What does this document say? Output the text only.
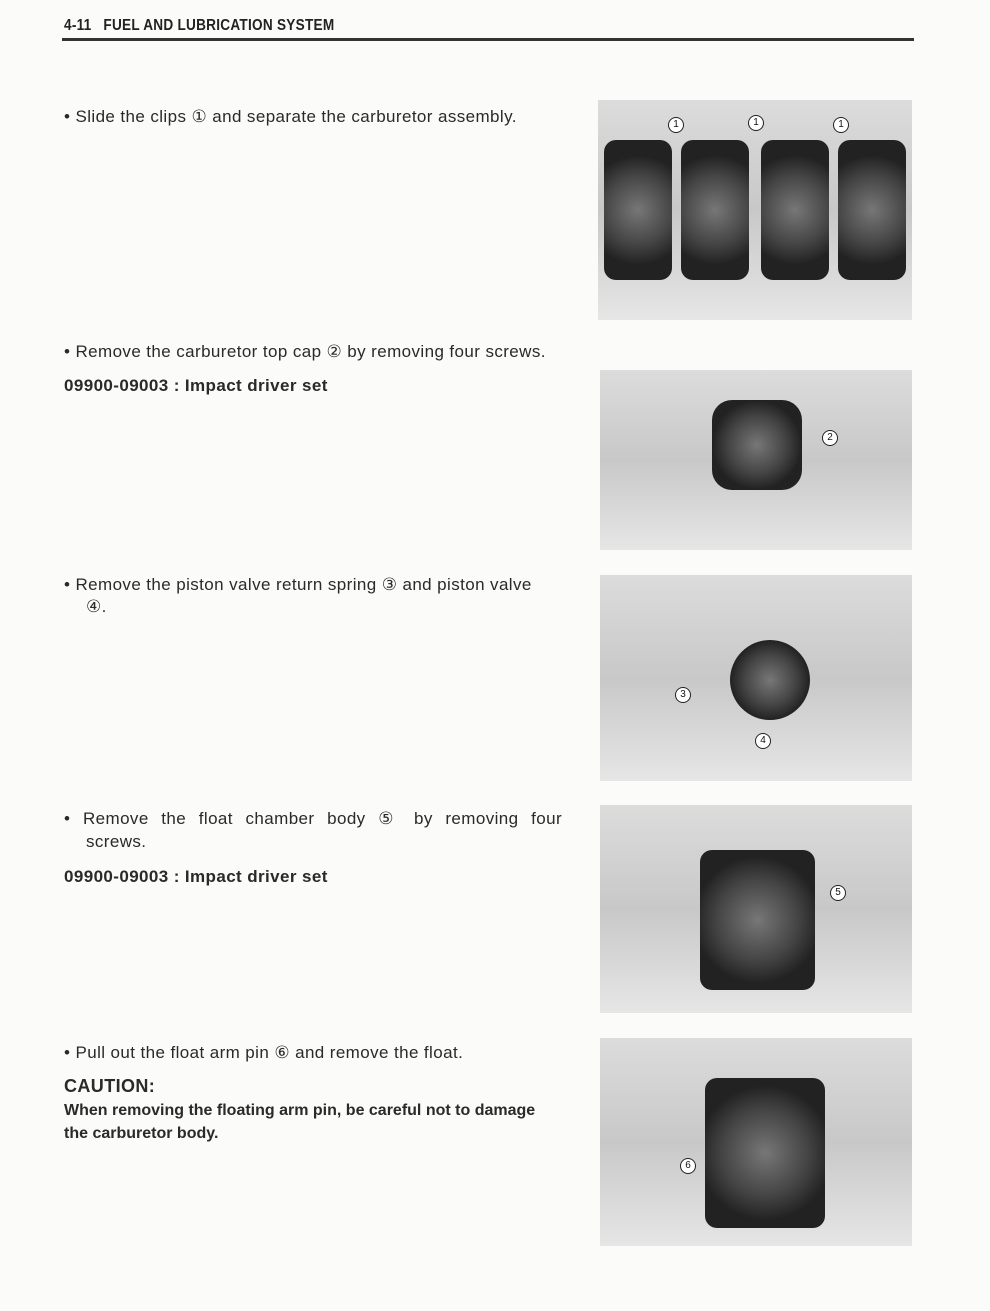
4-11 FUEL AND LUBRICATION SYSTEM
• Slide the clips ① and separate the carburetor assembly.	1	1	1
• Remove the carburetor top cap ② by removing four screws.
09900-09003 : Impact driver set
2
• Remove the piston valve return spring ③ and piston valve
④.
3
4
• Remove the float chamber body ⑤ by removing four
screws.
09900-09003 : Impact driver set
5
• Pull out the float arm pin ⑥ and remove the float.
CAUTION:
When removing the floating arm pin, be careful not to damage
the carburetor body.
6
